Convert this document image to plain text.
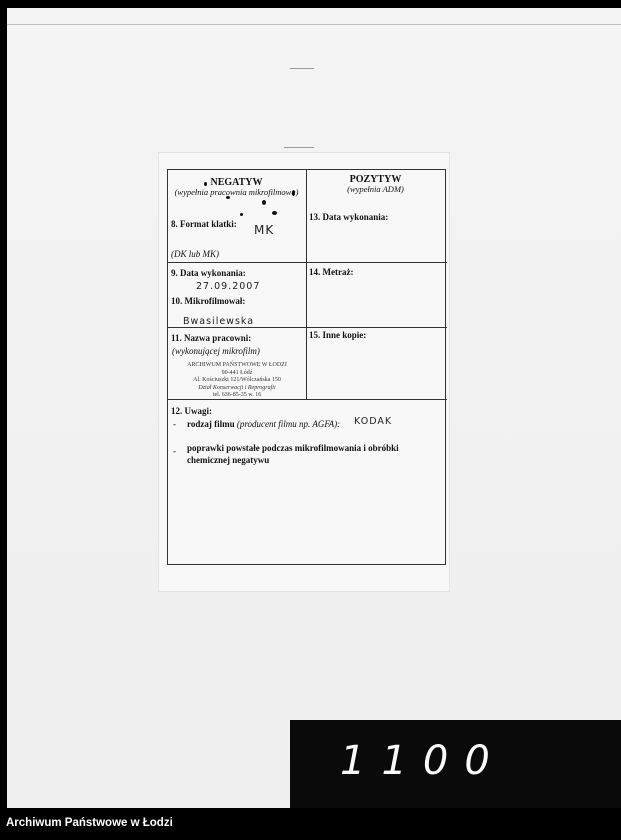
NEGATYW
(wypełnia pracownia mikrofilmowa)
POZYTYW
(wypełnia ADM)
8. Format klatki: MK
(DK lub MK)
13. Data wykonania:
9. Data wykonania:
27.09.2007
14. Metraż:
10. Mikrofilmował:
Bwasilewska
11. Nazwa pracowni:
(wykonującej mikrofilm)
15. Inne kopie:
ARCHIWUM PAŃSTWOWE W ŁODZI
90-441 Łódź
Al. Kościuszki 121/Wólczańska 150
Dział Konserwacji i Reprografii
tel. 636-85-35 w. 16
12. Uwagi:
- rodzaj filmu (producent filmu np. AGFA): KODAK
- poprawki powstałe podczas mikrofilmowania i obróbki
chemicznej negatywu
1100
Archiwum Państwowe w Łodzi
